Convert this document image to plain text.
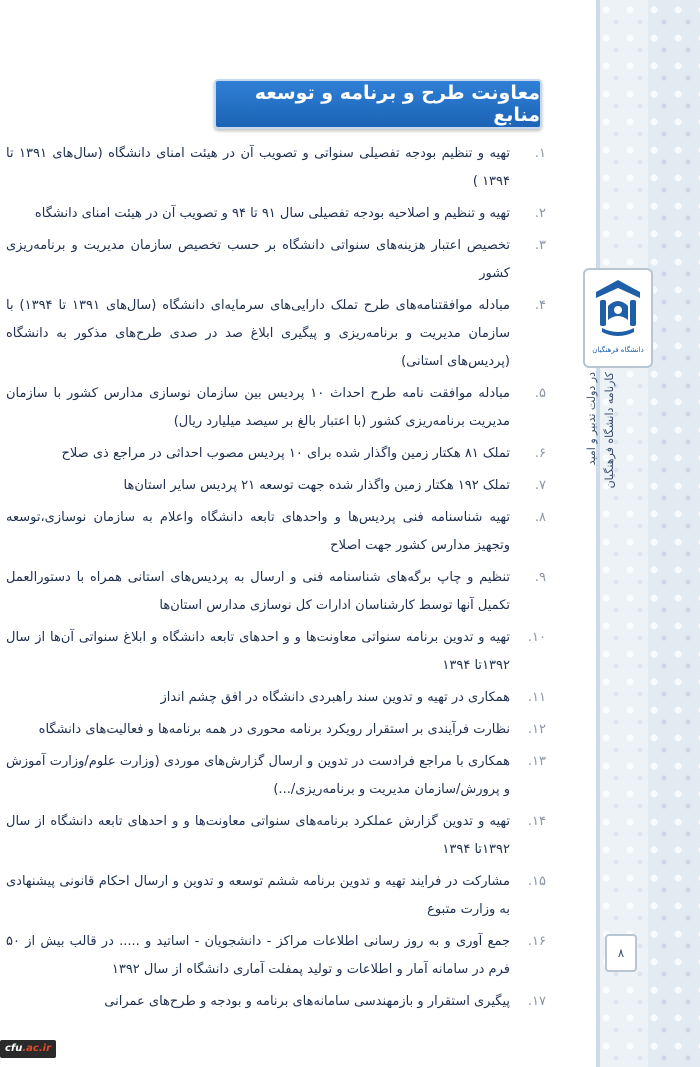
دانشگاه فرهنگیان
کارنامه دانشگاه فرهنگیان
در دولت تدبیر و امید
۸
معاونت طرح و برنامه و توسعه منابع
۱.
تهیه و تنظیم بودجه تفصیلی سنواتی و تصویب آن در هیئت امنای دانشگاه (سال‌های ۱۳۹۱ تا ۱۳۹۴ )
۲.
تهیه و تنظیم و اصلاحیه بودجه تفصیلی سال ۹۱ تا ۹۴ و تصویب آن در هیئت امنای دانشگاه
۳.
تخصیص اعتبار هزینه‌های سنواتی دانشگاه بر حسب تخصیص سازمان مدیریت و برنامه‌ریزی کشور
۴.
مبادله موافقتنامه‌های طرح تملک دارایی‌های سرمایه‌ای دانشگاه (سال‌های ۱۳۹۱ تا ۱۳۹۴) با سازمان مدیریت و برنامه‌ریزی و پیگیری ابلاغ صد در صدی طرح‌های مذکور به دانشگاه (پردیس‌های استانی)
۵.
مبادله موافقت نامه طرح احداث ۱۰ پردیس بین سازمان نوسازی مدارس کشور با سازمان مدیریت برنامه‌ریزی کشور (با اعتبار بالغ بر سیصد میلیارد ریال)
۶.
تملک ۸۱ هکتار زمین واگذار شده برای ۱۰ پردیس مصوب احداثی در مراجع ذی صلاح
۷.
تملک ۱۹۲ هکتار زمین واگذار شده جهت توسعه ۲۱ پردیس سایر استان‌ها
۸.
تهیه شناسنامه فنی پردیس‌ها و واحدهای تابعه دانشگاه واعلام به سازمان نوسازی،توسعه وتجهیز مدارس کشور جهت اصلاح
۹.
تنظیم و چاپ برگه‌های شناسنامه فنی و ارسال به پردیس‌های استانی همراه با دستورالعمل تکمیل آنها توسط کارشناسان ادارات کل نوسازی مدارس استان‌ها
۱۰.
تهیه و تدوین برنامه سنواتی معاونت‌ها و و احدهای تابعه دانشگاه و ابلاغ سنواتی آن‌ها از سال ۱۳۹۲تا ۱۳۹۴
۱۱.
همکاری در تهیه و تدوین سند راهبردی دانشگاه در افق چشم انداز
۱۲.
نظارت فرآیندی بر استقرار رویکرد برنامه محوری در همه برنامه‌ها و فعالیت‌های دانشگاه
۱۳.
همکاری با مراجع فرادست در تدوین و ارسال گزارش‌های موردی (وزارت علوم/وزارت آموزش و پرورش/سازمان مدیریت و برنامه‌ریزی/...)
۱۴.
تهیه و تدوین گزارش عملکرد برنامه‌های سنواتی معاونت‌ها و و احدهای تابعه دانشگاه از سال ۱۳۹۲تا ۱۳۹۴
۱۵.
مشارکت در فرایند تهیه و تدوین برنامه ششم توسعه و تدوین و ارسال احکام قانونی پیشنهادی به وزارت متبوع
۱۶.
جمع آوری و به روز رسانی اطلاعات مراکز - دانشجویان - اساتید و ..... در قالب بیش از ۵۰ فرم در سامانه آمار و اطلاعات و تولید پمفلت آماری دانشگاه از سال ۱۳۹۲
۱۷.
پیگیری استقرار و بازمهندسی سامانه‌های برنامه و بودجه و طرح‌های عمرانی
cfu.ac.ir
